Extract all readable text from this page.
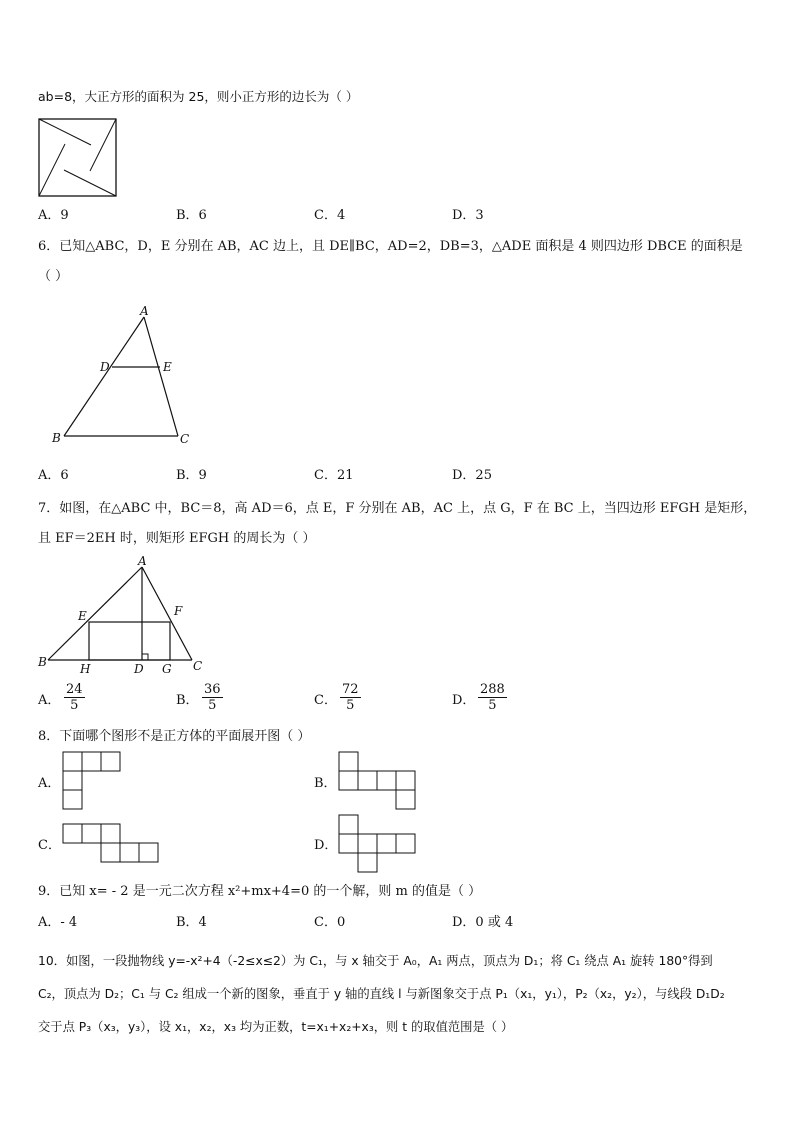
ab=8，大正方形的面积为 25，则小正方形的边长为（ ）
A．9	B．6	C．4	D．3
6．已知△ABC，D，E 分别在 AB，AC 边上，且 DE∥BC，AD=2，DB=3，△ADE 面积是 4 则四边形 DBCE 的面积是
（ ）
A
D	E
B	C
A．6	B．9	C．21	D．25
7．如图，在△ABC 中，BC＝8，高 AD＝6，点 E，F 分别在 AB，AC 上，点 G，F 在 BC 上，当四边形 EFGH 是矩形，
且 EF＝2EH 时，则矩形 EFGH 的周长为（ ）
A
E	F
B	H	D G C
A．
24
5	B．
36
5	C．
72
5	D．
288
5
8．下面哪个图形不是正方体的平面展开图（ ）
A．	B．
C．	D．
9．已知 x= - 2 是一元二次方程 x²+mx+4=0 的一个解，则 m 的值是（ ）
A．- 4	B．4	C．0	D．0 或 4
10．如图，一段抛物线 y=-x²+4（-2≤x≤2）为 C₁，与 x 轴交于 A₀，A₁ 两点，顶点为 D₁；将 C₁ 绕点 A₁ 旋转 180°得到
C₂，顶点为 D₂；C₁ 与 C₂ 组成一个新的图象，垂直于 y 轴的直线 l 与新图象交于点 P₁（x₁，y₁），P₂（x₂，y₂），与线段 D₁D₂
交于点 P₃（x₃，y₃），设 x₁，x₂，x₃ 均为正数，t=x₁+x₂+x₃，则 t 的取值范围是（ ）
